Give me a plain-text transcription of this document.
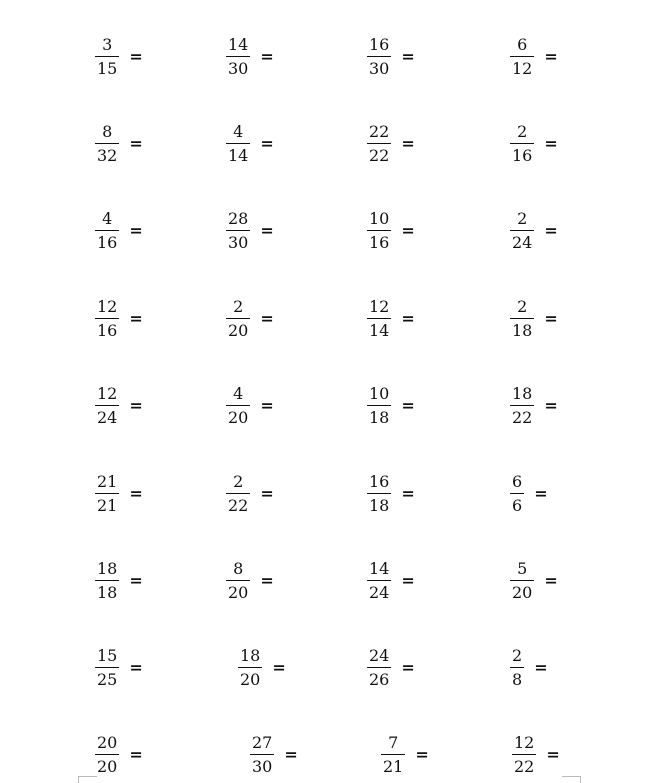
$\frac{3}{15}$ =	$\frac{14}{30}$ =	$\frac{16}{30}$ =	$\frac{6}{12}$ =
$\frac{8}{32}$ =	$\frac{4}{14}$ =	$\frac{22}{22}$ =	$\frac{2}{16}$ =
$\frac{4}{16}$ =	$\frac{28}{30}$ =	$\frac{10}{16}$ =	$\frac{2}{24}$ =
$\frac{12}{16}$ =	$\frac{2}{20}$ =	$\frac{12}{14}$ =	$\frac{2}{18}$ =
$\frac{12}{24}$ =	$\frac{4}{20}$ =	$\frac{10}{18}$ =	$\frac{18}{22}$ =
$\frac{21}{21}$ =	$\frac{2}{22}$ =	$\frac{16}{18}$ =	$\frac{6}{6}$ =
$\frac{18}{18}$ =	$\frac{8}{20}$ =	$\frac{14}{24}$ =	$\frac{5}{20}$ =
$\frac{15}{25}$ =	$\frac{18}{20}$ =	$\frac{24}{26}$ =	$\frac{2}{8}$ =
$\frac{20}{20}$ =	$\frac{27}{30}$ =	$\frac{7}{21}$ =	$\frac{12}{22}$ =
